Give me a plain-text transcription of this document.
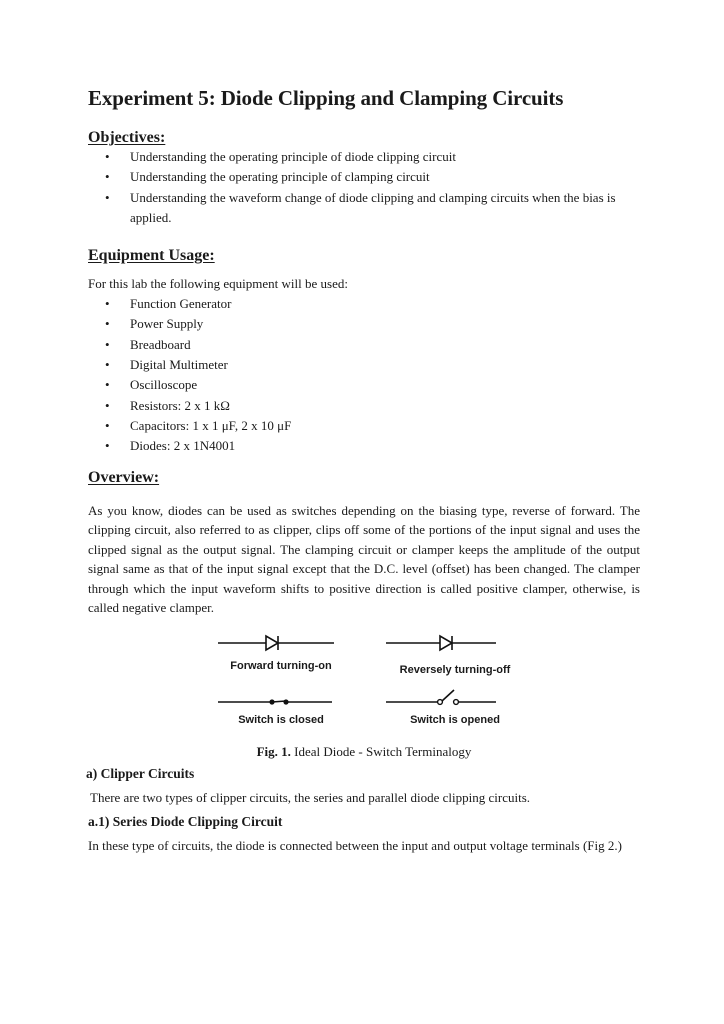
Experiment 5: Diode Clipping and Clamping Circuits
Objectives:
• Understanding the operating principle of diode clipping circuit
• Understanding the operating principle of clamping circuit
• Understanding the waveform change of diode clipping and clamping circuits when the bias is applied.
Equipment Usage:

For this lab the following equipment will be used:

• Function Generator
• Power Supply
• Breadboard
• Digital Multimeter
• Oscilloscope
• Resistors: 2 x 1 kΩ
• Capacitors: 1 x 1 μF, 2 x 10 μF
• Diodes: 2 x 1N4001
Overview:

As you know, diodes can be used as switches depending on the biasing type, reverse of forward. The clipping circuit, also referred to as clipper, clips off some of the portions of the input signal and uses the clipped signal as the output signal. The clamping circuit or clamper keeps the amplitude of the output signal same as that of the input signal except that the D.C. level (offset) has been changed. The clamper through which the input waveform shifts to positive direction is called positive clamper, otherwise, is called negative clamper.

Forward turning-on	Reversely turning-off
Switch is closed	Switch is opened
Fig. 1. Ideal Diode - Switch Terminalogy
a) Clipper Circuits

There are two types of clipper circuits, the series and parallel diode clipping circuits.

a.1) Series Diode Clipping Circuit

In these type of circuits, the diode is connected between the input and output voltage terminals (Fig 2.)
